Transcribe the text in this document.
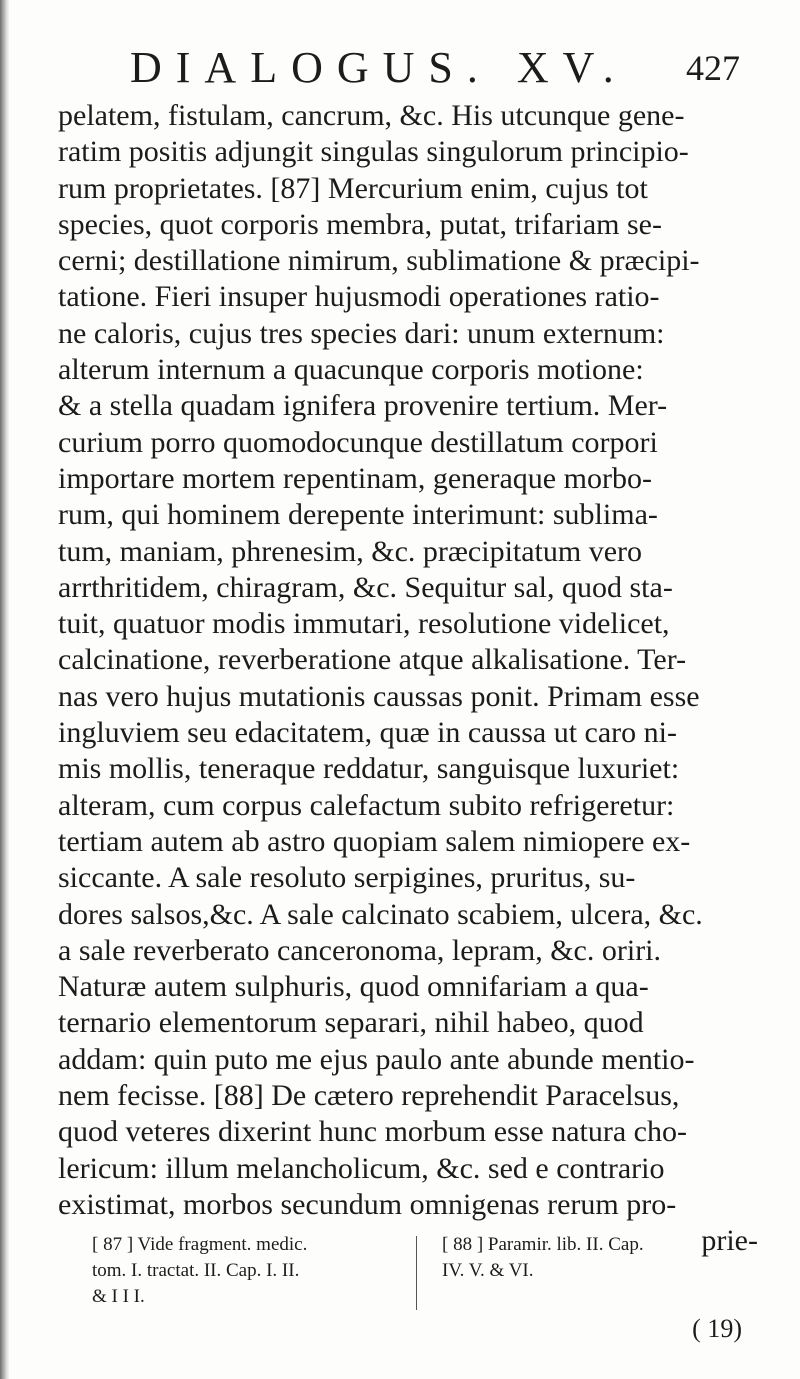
DIALOGUS. XV. 427
pelatem, fistulam, cancrum, &c. His utcunque gene-
ratim positis adjungit singulas singulorum principio-
rum proprietates. [87] Mercurium enim, cujus tot
species, quot corporis membra, putat, trifariam se-
cerni; destillatione nimirum, sublimatione & præcipi-
tatione. Fieri insuper hujusmodi operationes ratio-
ne caloris, cujus tres species dari: unum externum:
alterum internum a quacunque corporis motione:
& a stella quadam ignifera provenire tertium. Mer-
curium porro quomodocunque destillatum corpori
importare mortem repentinam, generaque morbo-
rum, qui hominem derepente interimunt: sublima-
tum, maniam, phrenesim, &c. præcipitatum vero
arrthritidem, chiragram, &c. Sequitur sal, quod sta-
tuit, quatuor modis immutari, resolutione videlicet,
calcinatione, reverberatione atque alkalisatione. Ter-
nas vero hujus mutationis caussas ponit. Primam esse
ingluviem seu edacitatem, quæ in caussa ut caro ni-
mis mollis, teneraque reddatur, sanguisque luxuriet:
alteram, cum corpus calefactum subito refrigeretur:
tertiam autem ab astro quopiam salem nimiopere ex-
siccante. A sale resoluto serpigines, pruritus, su-
dores salsos,&c. A sale calcinato scabiem, ulcera, &c.
a sale reverberato canceronoma, lepram, &c. oriri.
Naturæ autem sulphuris, quod omnifariam a qua-
ternario elementorum separari, nihil habeo, quod
addam: quin puto me ejus paulo ante abunde mentio-
nem fecisse. [88] De cætero reprehendit Paracelsus,
quod veteres dixerint hunc morbum esse natura cho-
lericum: illum melancholicum, &c. sed e contrario
existimat, morbos secundum omnigenas rerum pro-
prie-
[ 87 ] Vide fragment. medic.
tom. I. tractat. II. Cap. I. II.
& I I I.
[ 88 ] Paramir. lib. II. Cap.
IV. V. & VI.
( 19)
